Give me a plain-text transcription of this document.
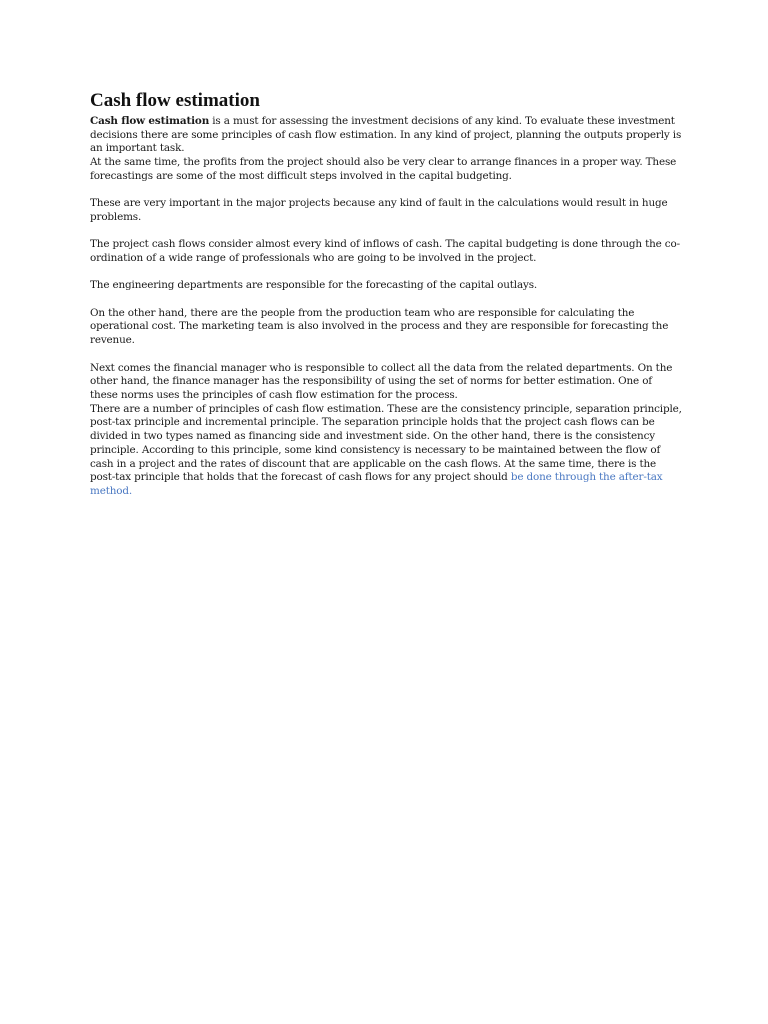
Cash flow estimation

Cash flow estimation is a must for assessing the investment decisions of any kind. To evaluate these investment decisions there are some principles of cash flow estimation. In any kind of project, planning the outputs properly is an important task.

At the same time, the profits from the project should also be very clear to arrange finances in a proper way. These forecastings are some of the most difficult steps involved in the capital budgeting.

These are very important in the major projects because any kind of fault in the calculations would result in huge problems.

The project cash flows consider almost every kind of inflows of cash. The capital budgeting is done through the co-ordination of a wide range of professionals who are going to be involved in the project.

The engineering departments are responsible for the forecasting of the capital outlays.

On the other hand, there are the people from the production team who are responsible for calculating the operational cost. The marketing team is also involved in the process and they are responsible for forecasting the revenue.

Next comes the financial manager who is responsible to collect all the data from the related departments. On the other hand, the finance manager has the responsibility of using the set of norms for better estimation. One of these norms uses the principles of cash flow estimation for the process.

There are a number of principles of cash flow estimation. These are the consistency principle, separation principle, post-tax principle and incremental principle. The separation principle holds that the project cash flows can be divided in two types named as financing side and investment side. On the other hand, there is the consistency principle. According to this principle, some kind consistency is necessary to be maintained between the flow of cash in a project and the rates of discount that are applicable on the cash flows. At the same time, there is the post-tax principle that holds that the forecast of cash flows for any project should be done through the after-tax method.
